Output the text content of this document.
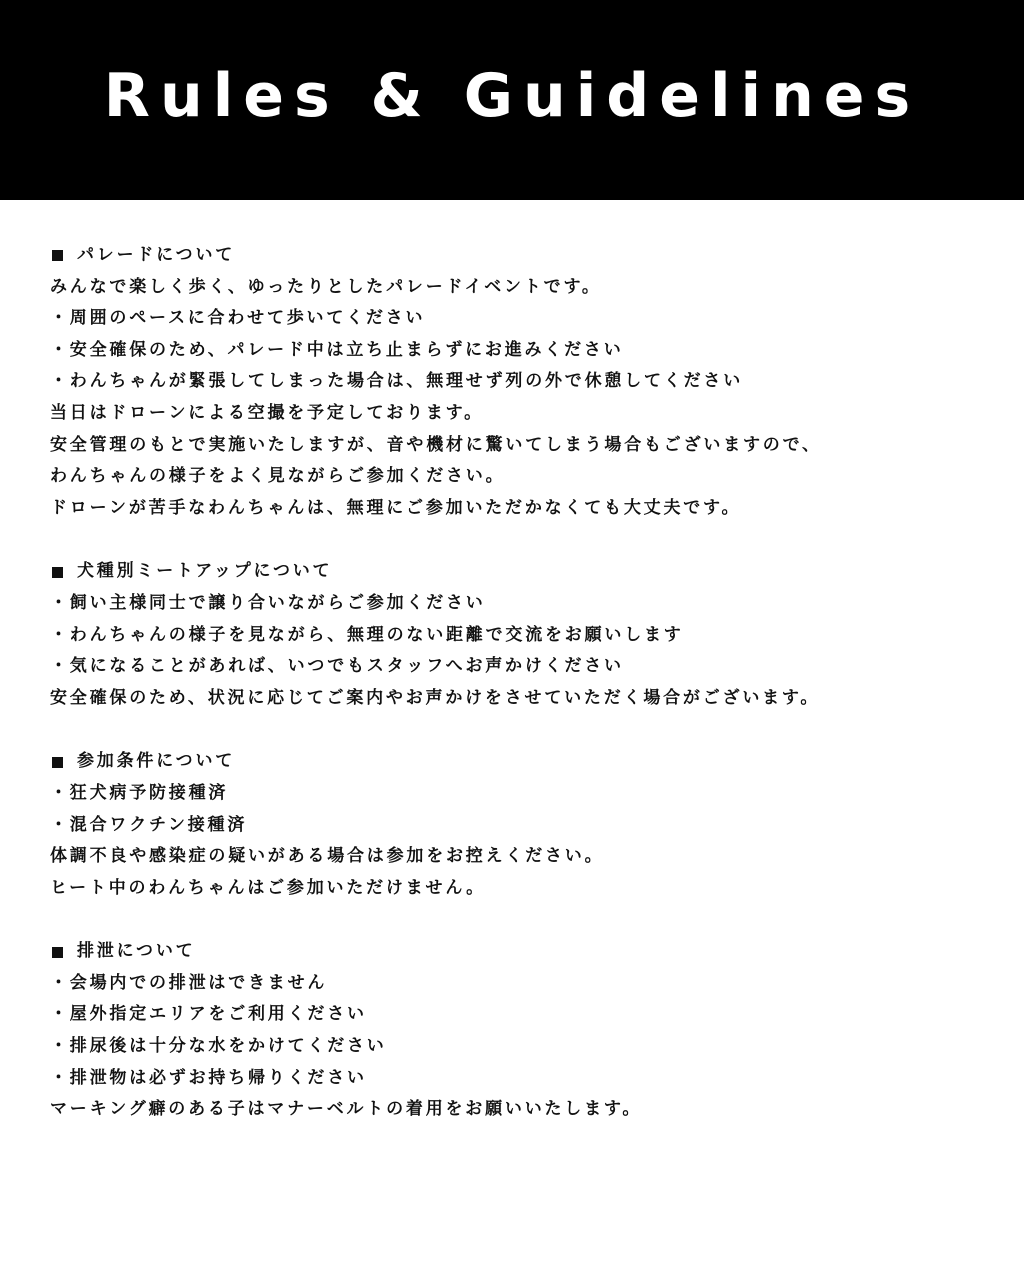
Rules & Guidelines
パレードについて
みんなで楽しく歩く、ゆったりとしたパレードイベントです。
・周囲のペースに合わせて歩いてください
・安全確保のため、パレード中は立ち止まらずにお進みください
・わんちゃんが緊張してしまった場合は、無理せず列の外で休憩してください
当日はドローンによる空撮を予定しております。
安全管理のもとで実施いたしますが、音や機材に驚いてしまう場合もございますので、
わんちゃんの様子をよく見ながらご参加ください。
ドローンが苦手なわんちゃんは、無理にご参加いただかなくても大丈夫です。
犬種別ミートアップについて
・飼い主様同士で譲り合いながらご参加ください
・わんちゃんの様子を見ながら、無理のない距離で交流をお願いします
・気になることがあれば、いつでもスタッフへお声かけください
安全確保のため、状況に応じてご案内やお声かけをさせていただく場合がございます。
参加条件について
・狂犬病予防接種済
・混合ワクチン接種済
体調不良や感染症の疑いがある場合は参加をお控えください。
ヒート中のわんちゃんはご参加いただけません。
排泄について
・会場内での排泄はできません
・屋外指定エリアをご利用ください
・排尿後は十分な水をかけてください
・排泄物は必ずお持ち帰りください
マーキング癖のある子はマナーベルトの着用をお願いいたします。
